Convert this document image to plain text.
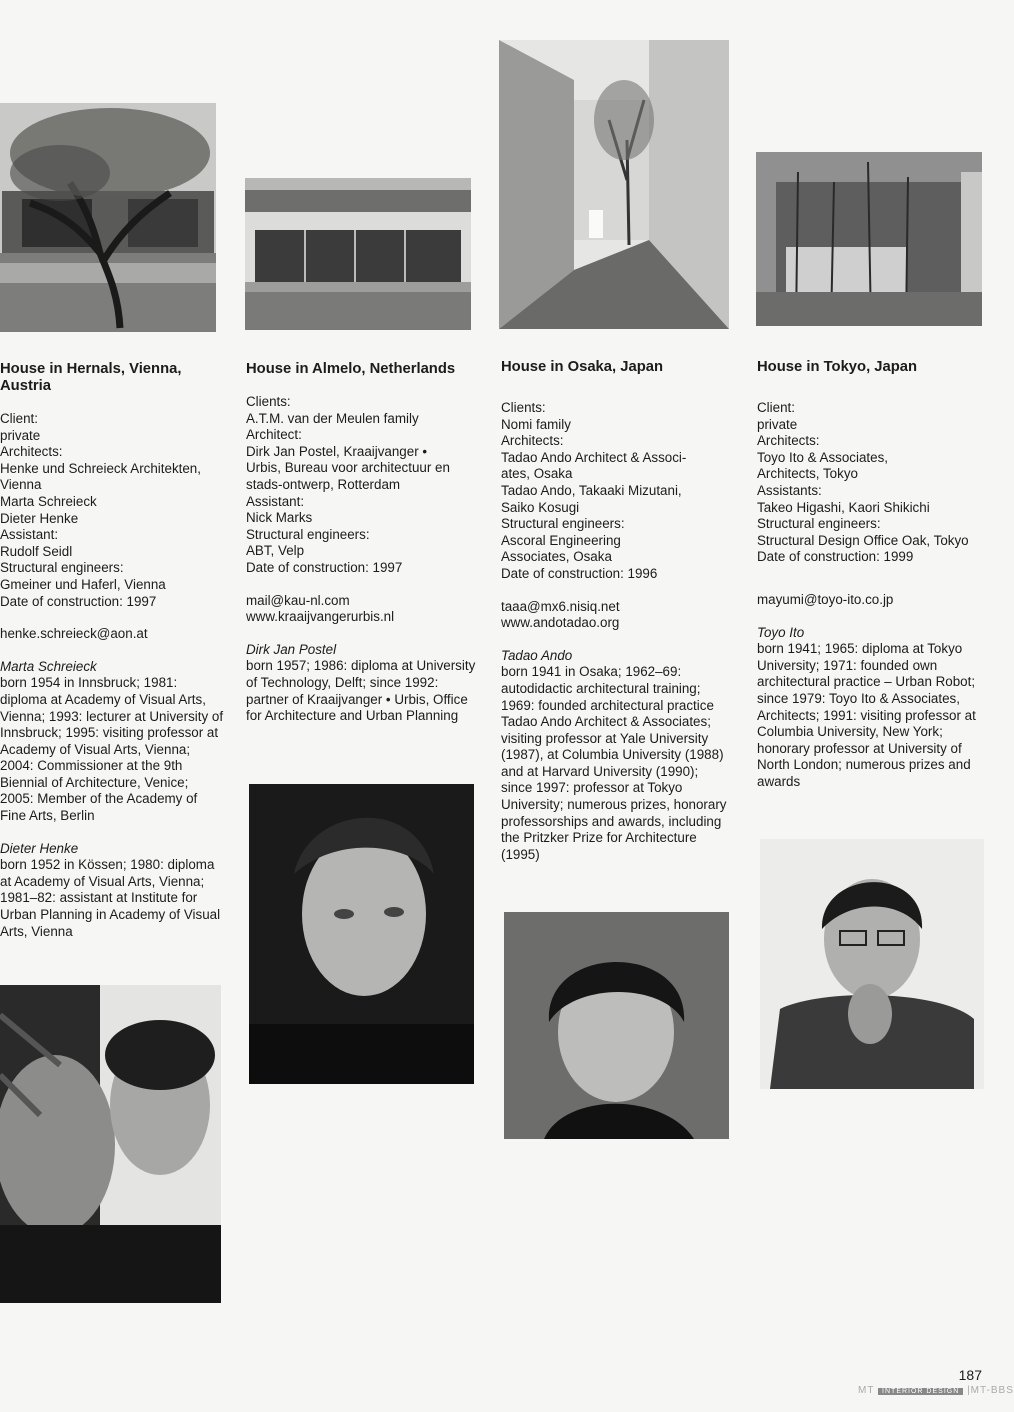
House in Hernals, Vienna, Austria

Client:

private

Architects:

Henke und Schreieck Architekten,

Vienna

Marta Schreieck

Dieter Henke

Assistant:

Rudolf Seidl

Structural engineers:

Gmeiner und Haferl, Vienna

Date of construction: 1997

henke.schreieck@aon.at

Marta Schreieck

born 1954 in Innsbruck; 1981: diploma at Academy of Visual Arts, Vienna; 1993: lecturer at University of Innsbruck; 1995: visiting professor at Academy of Visual Arts, Vienna; 2004: Commissioner at the 9th Biennial of Architecture, Venice; 2005: Member of the Academy of Fine Arts, Berlin

Dieter Henke

born 1952 in Kössen; 1980: diploma at Academy of Visual Arts, Vienna; 1981–82: assistant at Institute for Urban Planning in Academy of Visual Arts, Vienna

House in Almelo, Netherlands

Clients:

A.T.M. van der Meulen family

Architect:

Dirk Jan Postel, Kraaijvanger •

Urbis, Bureau voor architectuur en

stads-ontwerp, Rotterdam

Assistant:

Nick Marks

Structural engineers:

ABT, Velp

Date of construction: 1997

mail@kau-nl.com

www.kraaijvangerurbis.nl

Dirk Jan Postel

born 1957; 1986: diploma at University of Technology, Delft; since 1992: partner of Kraaijvanger • Urbis, Office for Architecture and Urban Planning

House in Osaka, Japan

Clients:

Nomi family

Architects:

Tadao Ando Architect & Associ-

ates, Osaka

Tadao Ando, Takaaki Mizutani,

Saiko Kosugi

Structural engineers:

Ascoral Engineering

Associates, Osaka

Date of construction: 1996

taaa@mx6.nisiq.net

www.andotadao.org

Tadao Ando

born 1941 in Osaka; 1962–69: autodidactic architectural training; 1969: founded architectural practice Tadao Ando Architect & Associates; visiting professor at Yale University (1987), at Columbia University (1988) and at Harvard University (1990); since 1997: professor at Tokyo University; numerous prizes, honorary professorships and awards, including the Pritzker Prize for Architecture (1995)

House in Tokyo, Japan

Client:

private

Architects:

Toyo Ito & Associates,

Architects, Tokyo

Assistants:

Takeo Higashi, Kaori Shikichi

Structural engineers:

Structural Design Office Oak, Tokyo

Date of construction: 1999

mayumi@toyo-ito.co.jp

Toyo Ito

born 1941; 1965: diploma at Tokyo University; 1971: founded own architectural practice – Urban Robot; since 1979: Toyo Ito & Associates, Architects; 1991: visiting professor at Columbia University, New York; honorary professor at University of North London; numerous prizes and awards

187
MT INTERIOR DESIGN |MT-BBS
